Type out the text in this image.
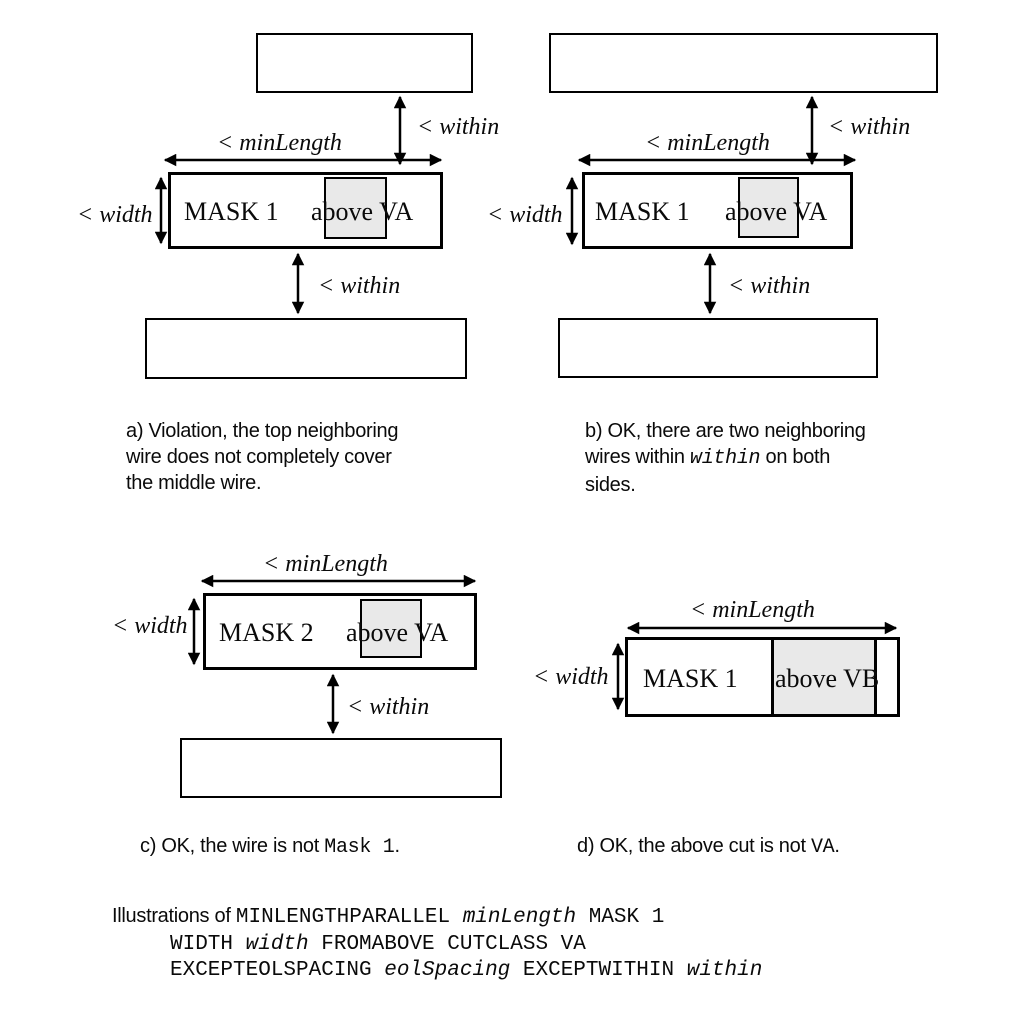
< minLength
< within
< width MASK 1 above VA
< within
< minLength
< within
< width MASK 1 above VA
< within
< minLength
< width MASK 2 above VA
< within
< minLength
< width MASK 1 above VB
a) Violation, the top neighboring
wire does not completely cover
the middle wire.
b) OK, there are two neighboring
wires within within on both
sides.
c) OK, the wire is not Mask 1.	d) OK, the above cut is not VA.
Illustrations of MINLENGTHPARALLEL minLength MASK 1
WIDTH width FROMABOVE CUTCLASS VA
EXCEPTEOLSPACING eolSpacing EXCEPTWITHIN within
